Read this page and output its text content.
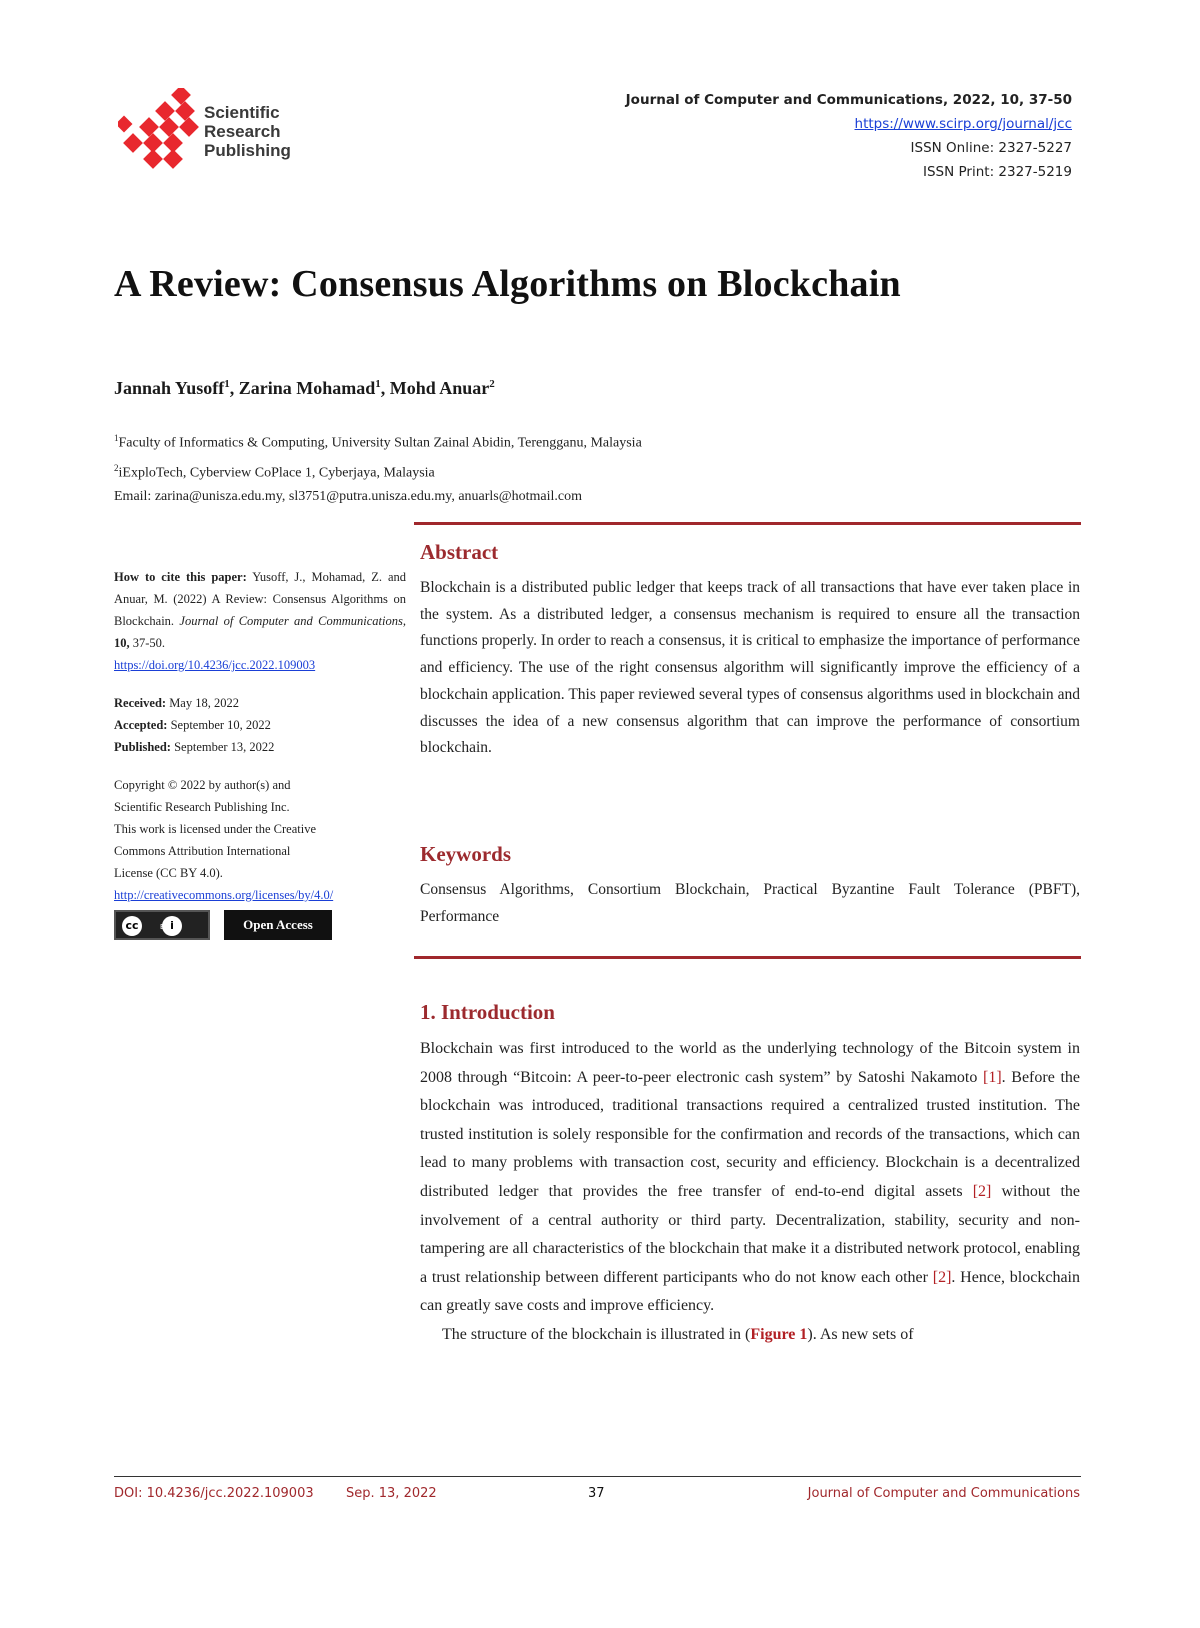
Scientific
Research
Publishing
Journal of Computer and Communications, 2022, 10, 37-50
https://www.scirp.org/journal/jcc
ISSN Online: 2327-5227
ISSN Print: 2327-5219
A Review: Consensus Algorithms on Blockchain
Jannah Yusoff$^1$, Zarina Mohamad$^1$, Mohd Anuar$^2$
$^1$Faculty of Informatics & Computing, University Sultan Zainal Abidin, Terengganu, Malaysia
$^2$iExploTech, Cyberview CoPlace 1, Cyberjaya, Malaysia
Email: zarina@unisza.edu.my, sl3751@putra.unisza.edu.my, anuarls@hotmail.com
How to cite this paper: Yusoff, J., Mohamad, Z. and Anuar, M. (2022) A Review: Consensus Algorithms on Blockchain. Journal of Computer and Communications, 10, 37-50.
https://doi.org/10.4236/jcc.2022.109003
Received: May 18, 2022
Accepted: September 10, 2022
Published: September 13, 2022
Copyright © 2022 by author(s) and
Scientific Research Publishing Inc.
This work is licensed under the Creative
Commons Attribution International
License (CC BY 4.0).
http://creativecommons.org/licenses/by/4.0/
cc	i
BY	Open Access
Abstract
Blockchain is a distributed public ledger that keeps track of all transactions that have ever taken place in the system. As a distributed ledger, a consensus mechanism is required to ensure all the transaction functions properly. In order to reach a consensus, it is critical to emphasize the importance of performance and efficiency. The use of the right consensus algorithm will significantly improve the efficiency of a blockchain application. This paper reviewed several types of consensus algorithms used in blockchain and discusses the idea of a new consensus algorithm that can improve the performance of consortium blockchain.
Keywords
Consensus Algorithms, Consortium Blockchain, Practical Byzantine Fault Tolerance (PBFT), Performance
1. Introduction
Blockchain was first introduced to the world as the underlying technology of the Bitcoin system in 2008 through “Bitcoin: A peer-to-peer electronic cash system” by Satoshi Nakamoto [1]. Before the blockchain was introduced, traditional transactions required a centralized trusted institution. The trusted institution is solely responsible for the confirmation and records of the transactions, which can lead to many problems with transaction cost, security and efficiency. Blockchain is a decentralized distributed ledger that provides the free transfer of end-to-end digital assets [2] without the involvement of a central authority or third party. Decentralization, stability, security and non-tampering are all characteristics of the blockchain that make it a distributed network protocol, enabling a trust relationship between different participants who do not know each other [2]. Hence, blockchain can greatly save costs and improve efficiency.
The structure of the blockchain is illustrated in (Figure 1). As new sets of
DOI: 10.4236/jcc.2022.109003 Sep. 13, 2022	37	Journal of Computer and Communications
